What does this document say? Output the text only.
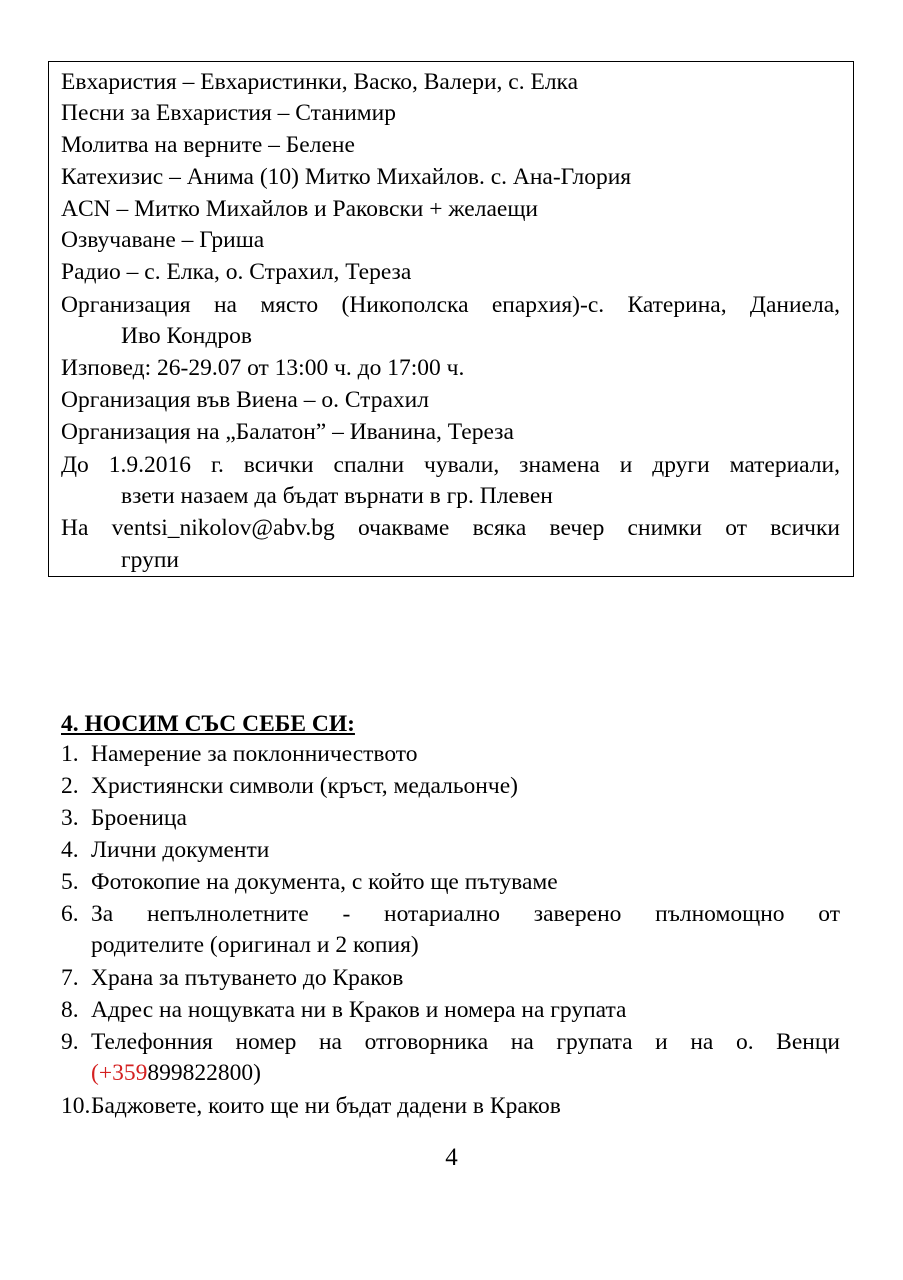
Евхаристия – Евхаристинки, Васко, Валери, с. Елка
Песни за Евхаристия – Станимир
Молитва на верните – Белене
Катехизис – Анима (10) Митко Михайлов. с. Ана-Глория
ACN – Митко Михайлов и Раковски + желаещи
Озвучаване – Гриша
Радио – с. Елка, о. Страхил, Тереза
Организация на място (Никополска епархия)-с. Катерина, Даниела,
Иво Кондров
Изповед: 26-29.07 от 13:00 ч. до 17:00 ч.
Организация във Виена – о. Страхил
Организация на „Балатон” – Иванина, Тереза
До 1.9.2016 г. всички спални чували, знамена и други материали,
взети назаем да бъдат върнати в гр. Плевен
На ventsi_nikolov@abv.bg очакваме всяка вечер снимки от всички
групи
4. НОСИМ СЪС СЕБЕ СИ:
1. Намерение за поклонничеството
2. Християнски символи (кръст, медальонче)
3. Броеница
4. Лични документи
5. Фотокопие на документа, с който ще пътуваме
6. За непълнолетните - нотариално заверено пълномощно от
родителите (оригинал и 2 копия)
7. Храна за пътуването до Краков
8. Адрес на нощувката ни в Краков и номера на групата
9. Телефонния номер на отговорника на групата и на о. Венци
(+359899822800)
10.Баджовете, които ще ни бъдат дадени в Краков
4
